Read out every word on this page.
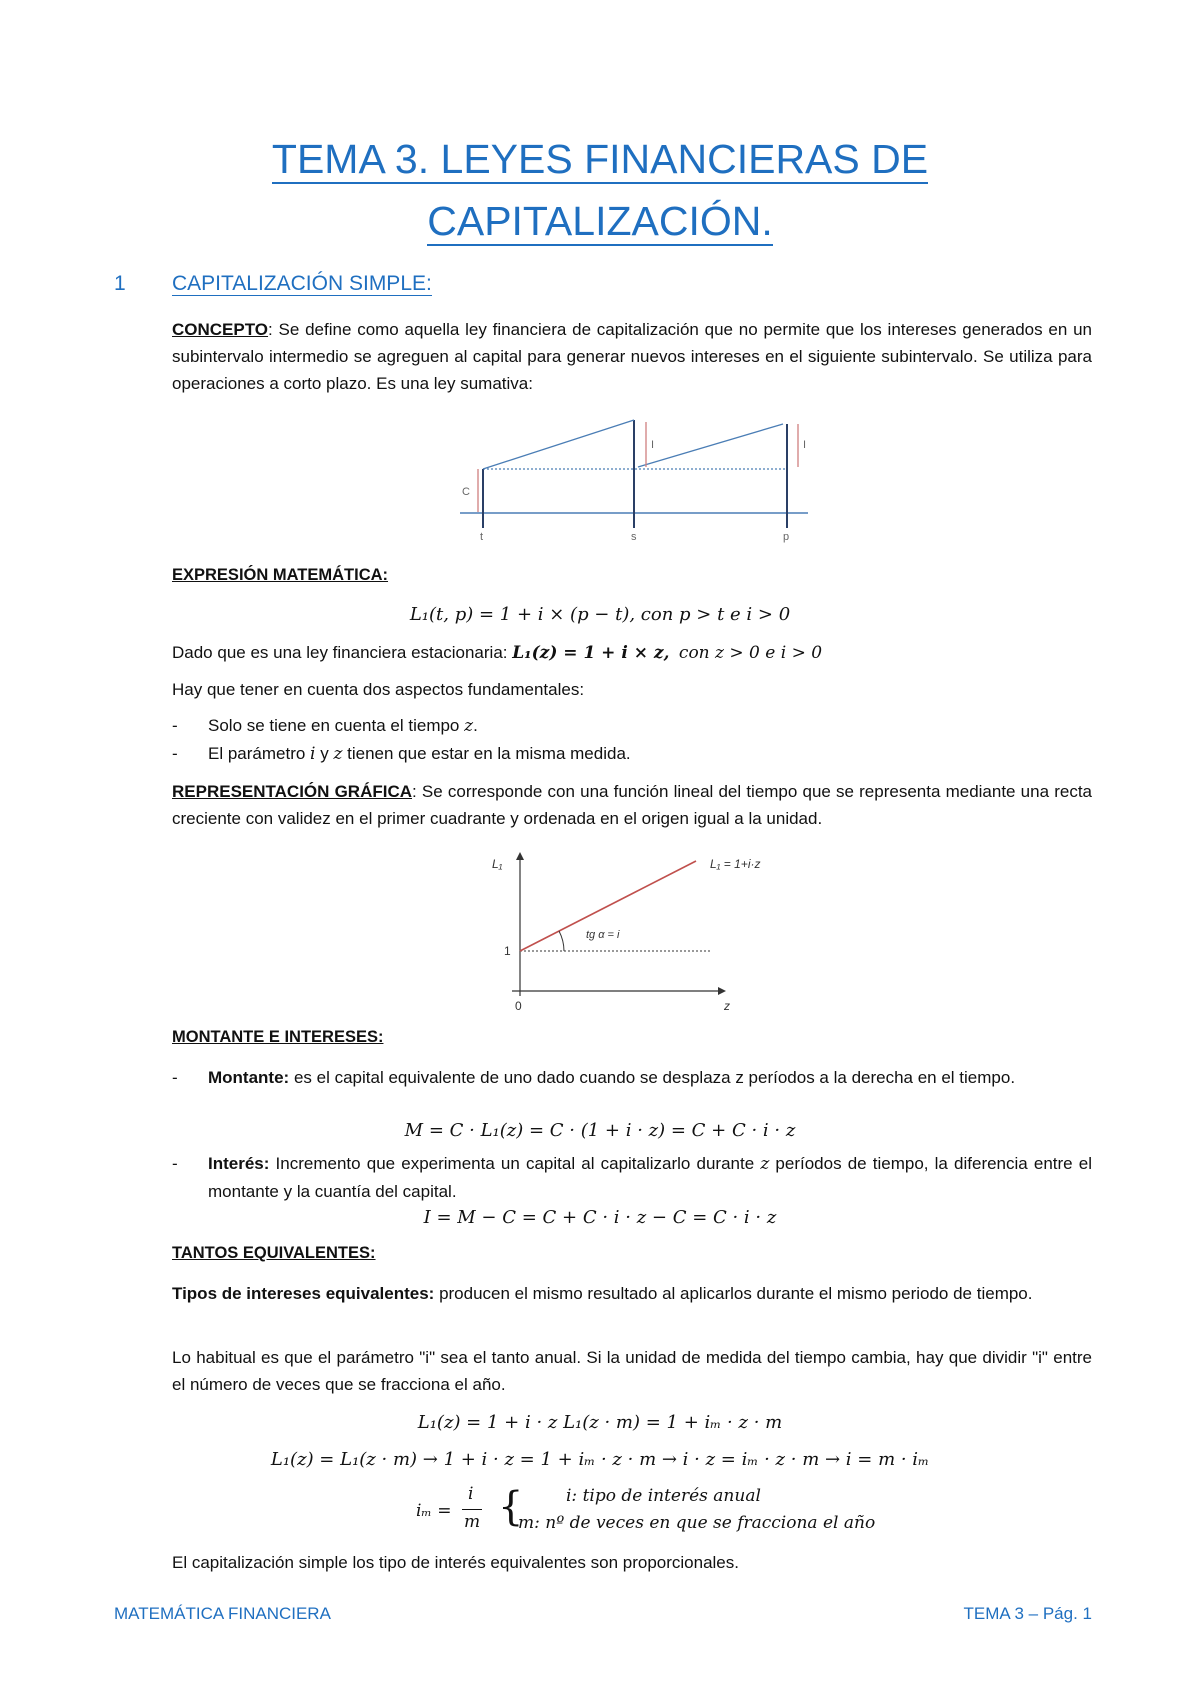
TEMA 3. LEYES FINANCIERAS DE
CAPITALIZACIÓN.
1 CAPITALIZACIÓN SIMPLE:
CONCEPTO: Se define como aquella ley financiera de capitalización que no permite que los intereses generados en un subintervalo intermedio se agreguen al capital para generar nuevos intereses en el siguiente subintervalo. Se utiliza para operaciones a corto plazo. Es una ley sumativa:
C
I	I
t	s	p
EXPRESIÓN MATEMÁTICA:
L₁(t, p) = 1 + i × (p − t), con p > t e i > 0
Dado que es una ley financiera estacionaria: L₁(z) = 1 + i × z, con z > 0 e i > 0
Hay que tener en cuenta dos aspectos fundamentales:
- Solo se tiene en cuenta el tiempo z.
- El parámetro i y z tienen que estar en la misma medida.
REPRESENTACIÓN GRÁFICA: Se corresponde con una función lineal del tiempo que se representa mediante una recta creciente con validez en el primer cuadrante y ordenada en el origen igual a la unidad.
L₁	L₁ = 1+i·z
tg α = i
1
0	z
MONTANTE E INTERESES:
- Montante: es el capital equivalente de uno dado cuando se desplaza z períodos a la derecha en el tiempo.
M = C · L₁(z) = C · (1 + i · z) = C + C · i · z
- Interés: Incremento que experimenta un capital al capitalizarlo durante z períodos de tiempo, la diferencia entre el montante y la cuantía del capital.
I = M − C = C + C · i · z − C = C · i · z
TANTOS EQUIVALENTES:
Tipos de intereses equivalentes: producen el mismo resultado al aplicarlos durante el mismo periodo de tiempo.
Lo habitual es que el parámetro "i" sea el tanto anual. Si la unidad de medida del tiempo cambia, hay que dividir "i" entre el número de veces que se fracciona el año.
L₁(z) = 1 + i · z L₁(z · m) = 1 + iₘ · z · m
L₁(z) = L₁(z · m) → 1 + i · z = 1 + iₘ · z · m → i · z = iₘ · z · m → i = m · iₘ
iₘ =
i
m {	i: tipo de interés anual
m: nº de veces en que se fracciona el año
El capitalización simple los tipo de interés equivalentes son proporcionales.
MATEMÁTICA FINANCIERA	TEMA 3 – Pág. 1
